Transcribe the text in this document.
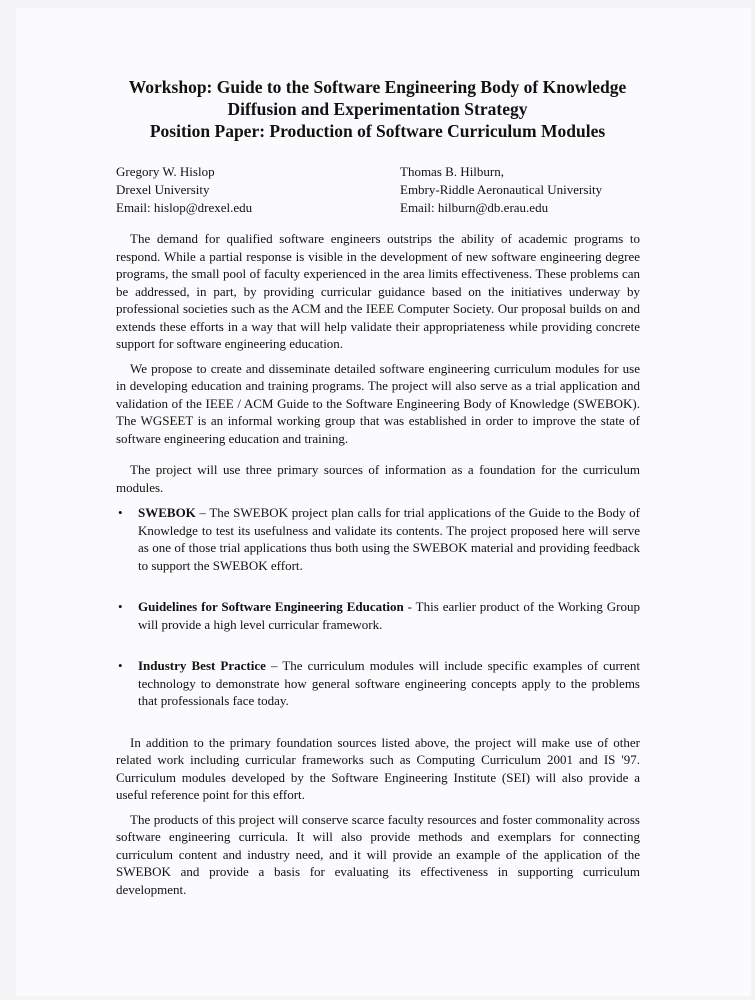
Workshop: Guide to the Software Engineering Body of Knowledge
Diffusion and Experimentation Strategy
Position Paper: Production of Software Curriculum Modules
Gregory W. Hislop
Drexel University
Email: hislop@drexel.edu
Thomas B. Hilburn,
Embry-Riddle Aeronautical University
Email: hilburn@db.erau.edu

The demand for qualified software engineers outstrips the ability of academic programs to respond. While a partial response is visible in the development of new software engineering degree programs, the small pool of faculty experienced in the area limits effectiveness. These problems can be addressed, in part, by providing curricular guidance based on the initiatives underway by professional societies such as the ACM and the IEEE Computer Society. Our proposal builds on and extends these efforts in a way that will help validate their appropriateness while providing concrete support for software engineering education.

We propose to create and disseminate detailed software engineering curriculum modules for use in developing education and training programs. The project will also serve as a trial application and validation of the IEEE / ACM Guide to the Software Engineering Body of Knowledge (SWEBOK). The WGSEET is an informal working group that was established in order to improve the state of software engineering education and training.

The project will use three primary sources of information as a foundation for the curriculum modules.

• SWEBOK – The SWEBOK project plan calls for trial applications of the Guide to the Body of Knowledge to test its usefulness and validate its contents. The project proposed here will serve as one of those trial applications thus both using the SWEBOK material and providing feedback to support the SWEBOK effort.
• Guidelines for Software Engineering Education - This earlier product of the Working Group will provide a high level curricular framework.
• Industry Best Practice – The curriculum modules will include specific examples of current technology to demonstrate how general software engineering concepts apply to the problems that professionals face today.

In addition to the primary foundation sources listed above, the project will make use of other related work including curricular frameworks such as Computing Curriculum 2001 and IS '97. Curriculum modules developed by the Software Engineering Institute (SEI) will also provide a useful reference point for this effort.

The products of this project will conserve scarce faculty resources and foster commonality across software engineering curricula. It will also provide methods and exemplars for connecting curriculum content and industry need, and it will provide an example of the application of the SWEBOK and provide a basis for evaluating its effectiveness in supporting curriculum development.
